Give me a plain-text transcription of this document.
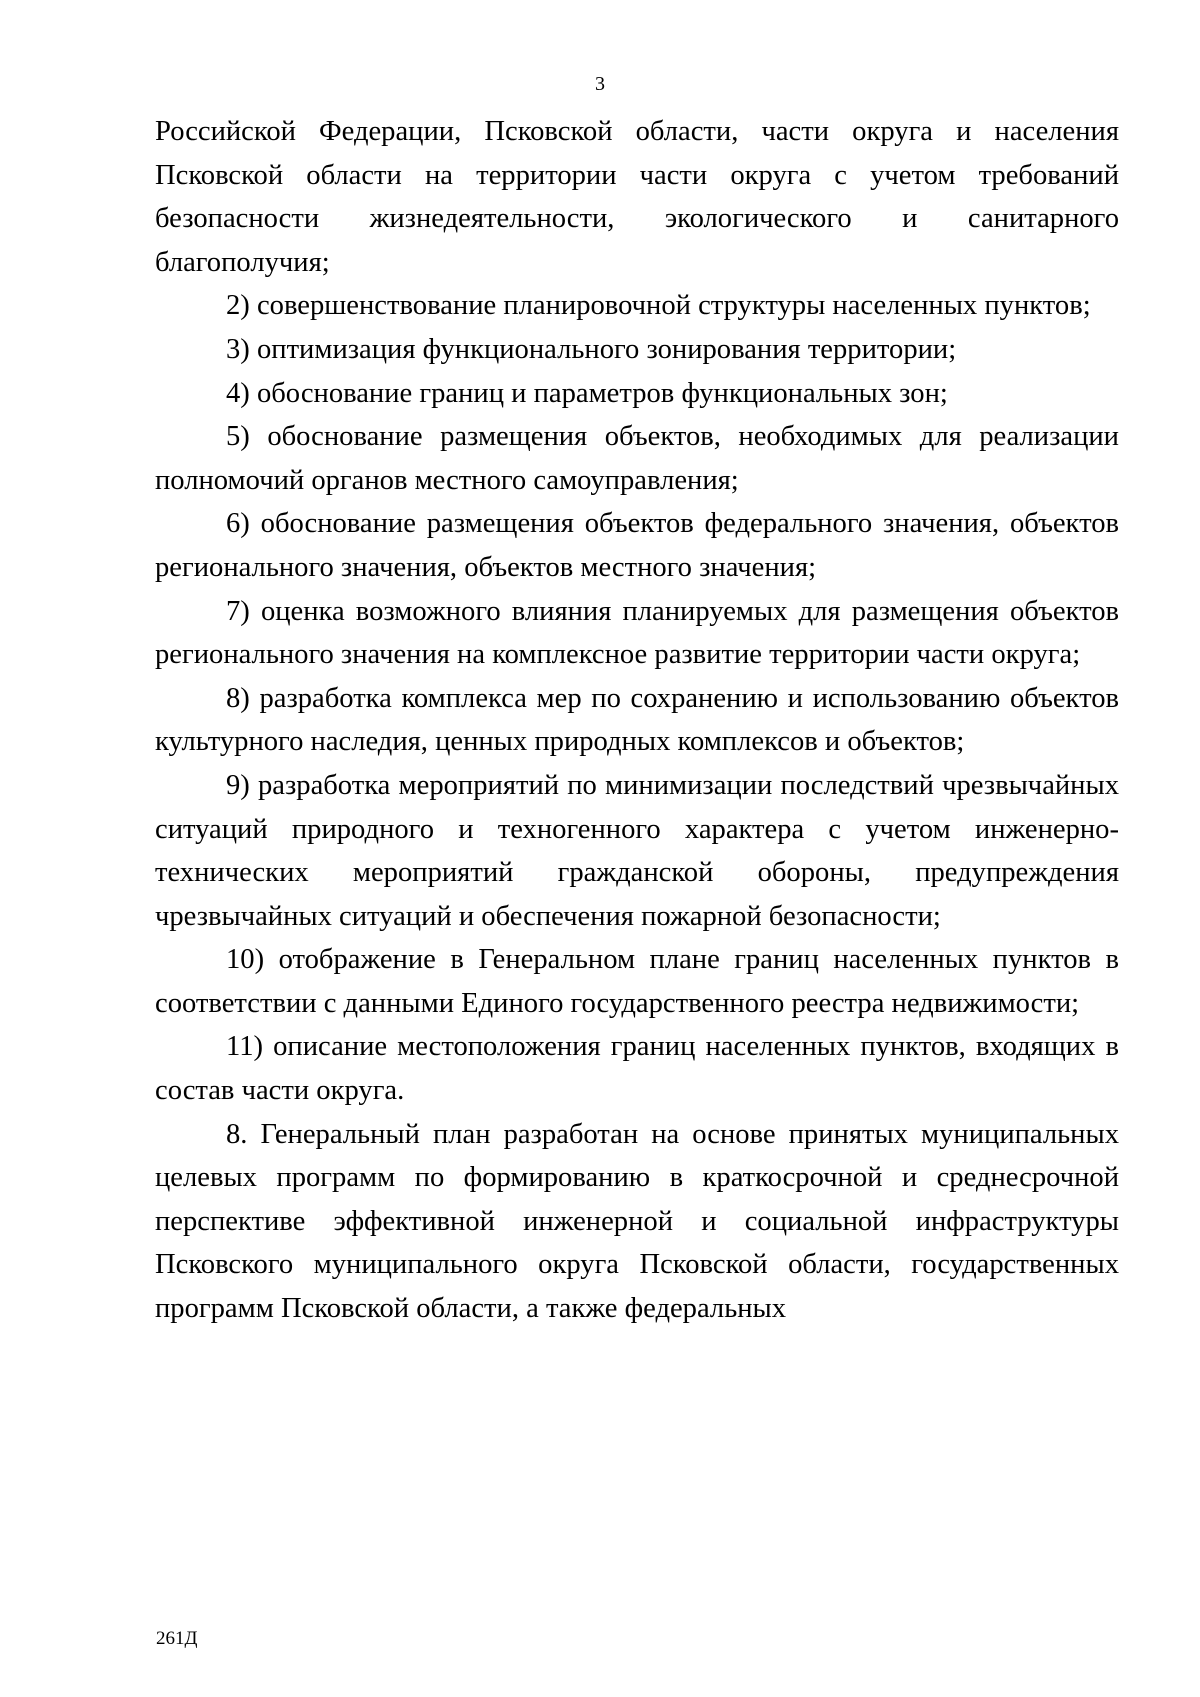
3

Российской Федерации, Псковской области, части округа и населения Псковской области на территории части округа с учетом требований безопасности жизнедеятельности, экологического и санитарного благополучия;

2) совершенствование планировочной структуры населенных пунктов;

3) оптимизация функционального зонирования территории;

4) обоснование границ и параметров функциональных зон;

5) обоснование размещения объектов, необходимых для реализации полномочий органов местного самоуправления;

6) обоснование размещения объектов федерального значения, объектов регионального значения, объектов местного значения;

7) оценка возможного влияния планируемых для размещения объектов регионального значения на комплексное развитие территории части округа;

8) разработка комплекса мер по сохранению и использованию объектов культурного наследия, ценных природных комплексов и объектов;

9) разработка мероприятий по минимизации последствий чрезвычайных ситуаций природного и техногенного характера с учетом инженерно-технических мероприятий гражданской обороны, предупреждения чрезвычайных ситуаций и обеспечения пожарной безопасности;

10) отображение в Генеральном плане границ населенных пунктов в соответствии с данными Единого государственного реестра недвижимости;

11) описание местоположения границ населенных пунктов, входящих в состав части округа.

8. Генеральный план разработан на основе принятых муниципальных целевых программ по формированию в краткосрочной и среднесрочной перспективе эффективной инженерной и социальной инфраструктуры Псковского муниципального округа Псковской области, государственных программ Псковской области, а также федеральных

261Д
